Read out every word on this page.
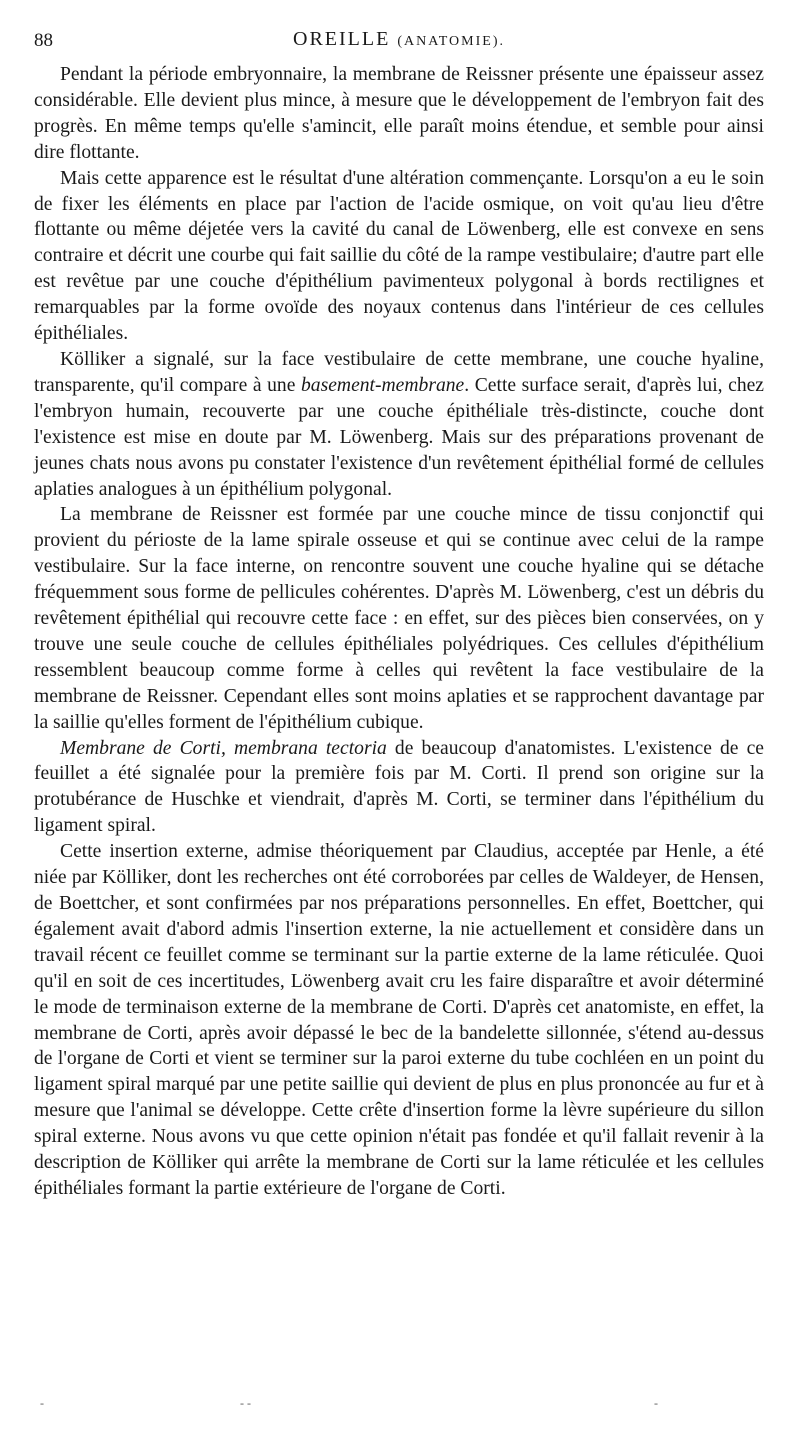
88	OREILLE (ANATOMIE).

Pendant la période embryonnaire, la membrane de Reissner présente une épaisseur assez considérable. Elle devient plus mince, à mesure que le développement de l'embryon fait des progrès. En même temps qu'elle s'amincit, elle paraît moins étendue, et semble pour ainsi dire flottante.

Mais cette apparence est le résultat d'une altération commençante. Lorsqu'on a eu le soin de fixer les éléments en place par l'action de l'acide osmique, on voit qu'au lieu d'être flottante ou même déjetée vers la cavité du canal de Löwenberg, elle est convexe en sens contraire et décrit une courbe qui fait saillie du côté de la rampe vestibulaire; d'autre part elle est revêtue par une couche d'épithélium pavimenteux polygonal à bords rectilignes et remarquables par la forme ovoïde des noyaux contenus dans l'intérieur de ces cellules épithéliales.

Kölliker a signalé, sur la face vestibulaire de cette membrane, une couche hyaline, transparente, qu'il compare à une basement-membrane. Cette surface serait, d'après lui, chez l'embryon humain, recouverte par une couche épithéliale très-distincte, couche dont l'existence est mise en doute par M. Löwenberg. Mais sur des préparations provenant de jeunes chats nous avons pu constater l'existence d'un revêtement épithélial formé de cellules aplaties analogues à un épithélium polygonal.

La membrane de Reissner est formée par une couche mince de tissu conjonctif qui provient du périoste de la lame spirale osseuse et qui se continue avec celui de la rampe vestibulaire. Sur la face interne, on rencontre souvent une couche hyaline qui se détache fréquemment sous forme de pellicules cohérentes. D'après M. Löwenberg, c'est un débris du revêtement épithélial qui recouvre cette face : en effet, sur des pièces bien conservées, on y trouve une seule couche de cellules épithéliales polyédriques. Ces cellules d'épithélium ressemblent beaucoup comme forme à celles qui revêtent la face vestibulaire de la membrane de Reissner. Cependant elles sont moins aplaties et se rapprochent davantage par la saillie qu'elles forment de l'épithélium cubique.

Membrane de Corti, membrana tectoria de beaucoup d'anatomistes. L'existence de ce feuillet a été signalée pour la première fois par M. Corti. Il prend son origine sur la protubérance de Huschke et viendrait, d'après M. Corti, se terminer dans l'épithélium du ligament spiral.

Cette insertion externe, admise théoriquement par Claudius, acceptée par Henle, a été niée par Kölliker, dont les recherches ont été corroborées par celles de Waldeyer, de Hensen, de Boettcher, et sont confirmées par nos préparations personnelles. En effet, Boettcher, qui également avait d'abord admis l'insertion externe, la nie actuellement et considère dans un travail récent ce feuillet comme se terminant sur la partie externe de la lame réticulée. Quoi qu'il en soit de ces incertitudes, Löwenberg avait cru les faire disparaître et avoir déterminé le mode de terminaison externe de la membrane de Corti. D'après cet anatomiste, en effet, la membrane de Corti, après avoir dépassé le bec de la bandelette sillonnée, s'étend au-dessus de l'organe de Corti et vient se terminer sur la paroi externe du tube cochléen en un point du ligament spiral marqué par une petite saillie qui devient de plus en plus prononcée au fur et à mesure que l'animal se développe. Cette crête d'insertion forme la lèvre supérieure du sillon spiral externe. Nous avons vu que cette opinion n'était pas fondée et qu'il fallait revenir à la description de Kölliker qui arrête la membrane de Corti sur la lame réticulée et les cellules épithéliales formant la partie extérieure de l'organe de Corti.

-	- -	-
